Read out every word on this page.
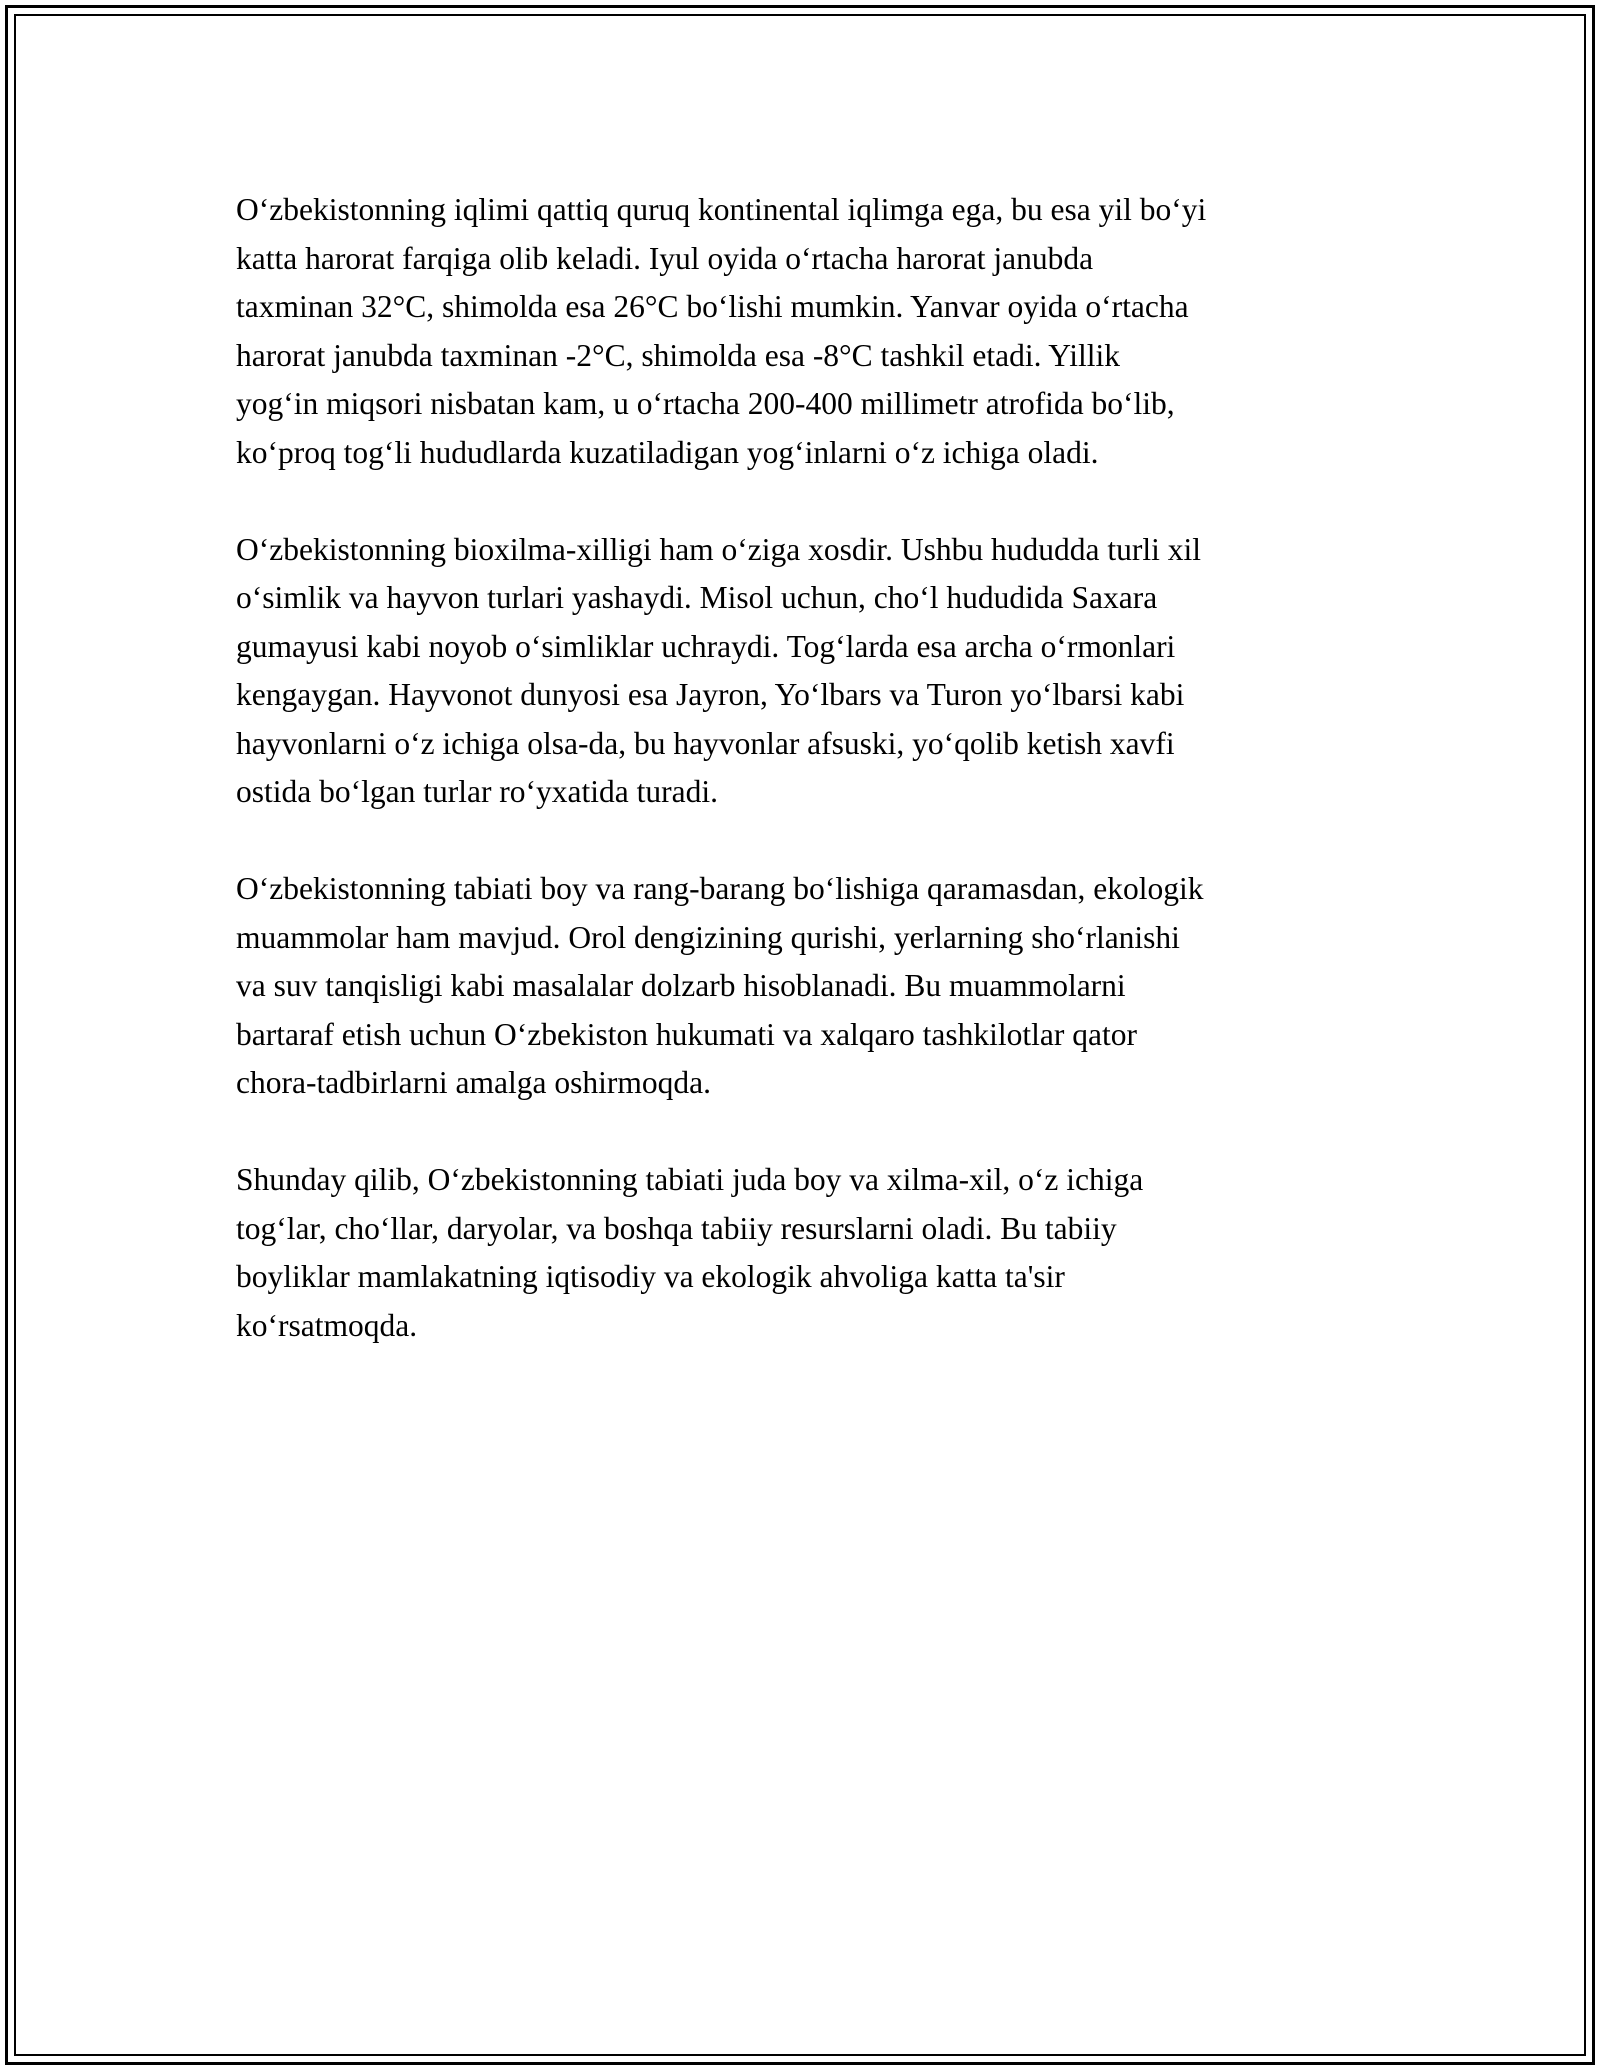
O‘zbekistonning iqlimi qattiq quruq kontinental iqlimga ega, bu esa yil bo‘yi
katta harorat farqiga olib keladi. Iyul oyida o‘rtacha harorat janubda
taxminan 32°C, shimolda esa 26°C bo‘lishi mumkin. Yanvar oyida o‘rtacha
harorat janubda taxminan -2°C, shimolda esa -8°C tashkil etadi. Yillik
yog‘in miqsori nisbatan kam, u o‘rtacha 200-400 millimetr atrofida bo‘lib,
ko‘proq tog‘li hududlarda kuzatiladigan yog‘inlarni o‘z ichiga oladi.

O‘zbekistonning bioxilma-xilligi ham o‘ziga xosdir. Ushbu hududda turli xil
o‘simlik va hayvon turlari yashaydi. Misol uchun, cho‘l hududida Saxara
gumayusi kabi noyob o‘simliklar uchraydi. Tog‘larda esa archa o‘rmonlari
kengaygan. Hayvonot dunyosi esa Jayron, Yo‘lbars va Turon yo‘lbarsi kabi
hayvonlarni o‘z ichiga olsa-da, bu hayvonlar afsuski, yo‘qolib ketish xavfi
ostida bo‘lgan turlar ro‘yxatida turadi.

O‘zbekistonning tabiati boy va rang-barang bo‘lishiga qaramasdan, ekologik
muammolar ham mavjud. Orol dengizining qurishi, yerlarning sho‘rlanishi
va suv tanqisligi kabi masalalar dolzarb hisoblanadi. Bu muammolarni
bartaraf etish uchun O‘zbekiston hukumati va xalqaro tashkilotlar qator
chora-tadbirlarni amalga oshirmoqda.

Shunday qilib, O‘zbekistonning tabiati juda boy va xilma-xil, o‘z ichiga
tog‘lar, cho‘llar, daryolar, va boshqa tabiiy resurslarni oladi. Bu tabiiy
boyliklar mamlakatning iqtisodiy va ekologik ahvoliga katta ta'sir
ko‘rsatmoqda.
